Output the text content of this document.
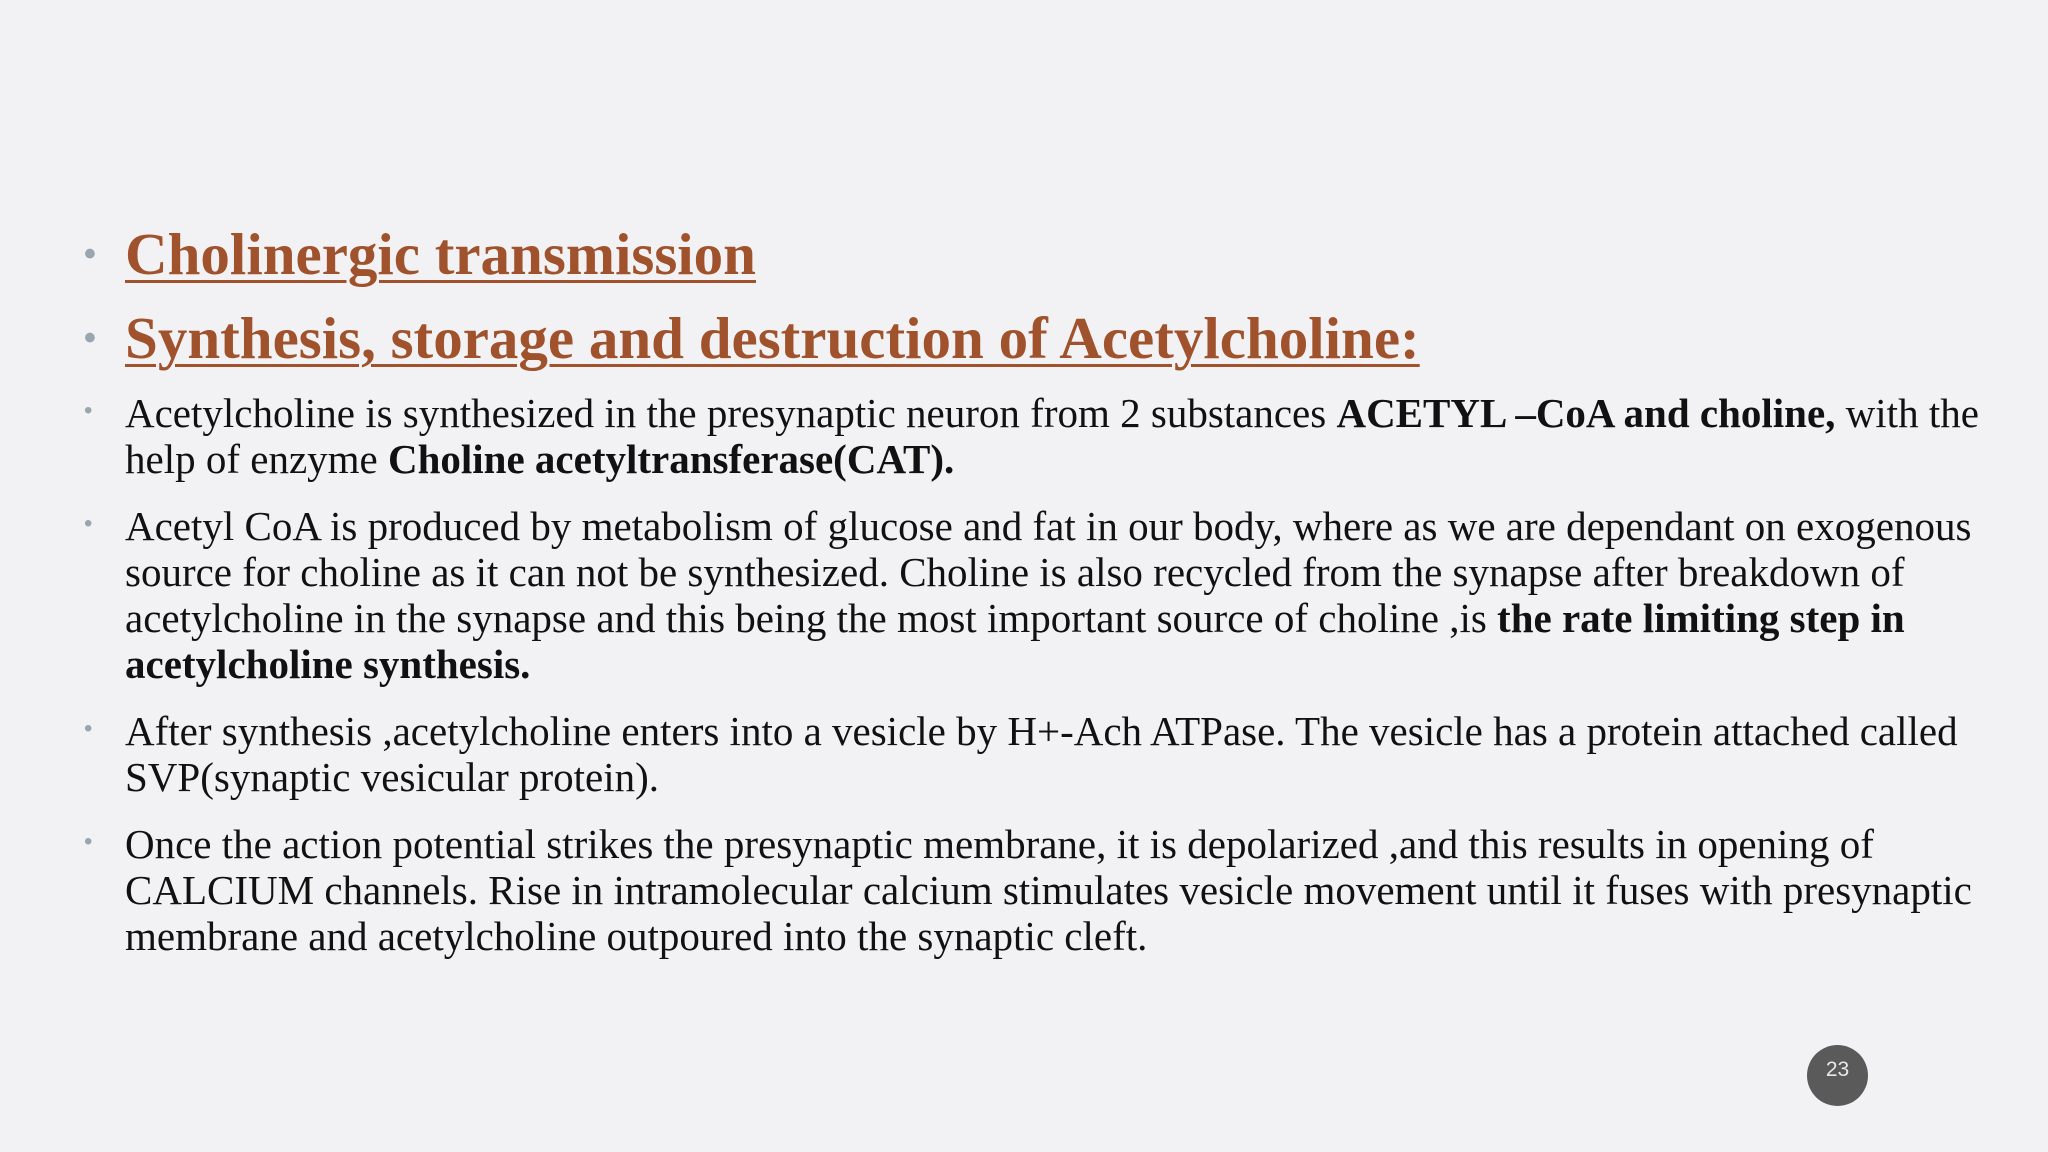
• Cholinergic transmission
• Synthesis, storage and destruction of Acetylcholine:
• Acetylcholine is synthesized in the presynaptic neuron from 2 substances ACETYL –CoA and choline, with the help of enzyme Choline acetyltransferase(CAT).
• Acetyl CoA is produced by metabolism of glucose and fat in our body, where as we are dependant on exogenous source for choline as it can not be synthesized. Choline is also recycled from the synapse after breakdown of acetylcholine in the synapse and this being the most important source of choline ,is the rate limiting step in acetylcholine synthesis.
• After synthesis ,acetylcholine enters into a vesicle by H+-Ach ATPase. The vesicle has a protein attached called SVP(synaptic vesicular protein).
• Once the action potential strikes the presynaptic membrane, it is depolarized ,and this results in opening of CALCIUM channels. Rise in intramolecular calcium stimulates vesicle movement until it fuses with presynaptic membrane and acetylcholine outpoured into the synaptic cleft.
23
